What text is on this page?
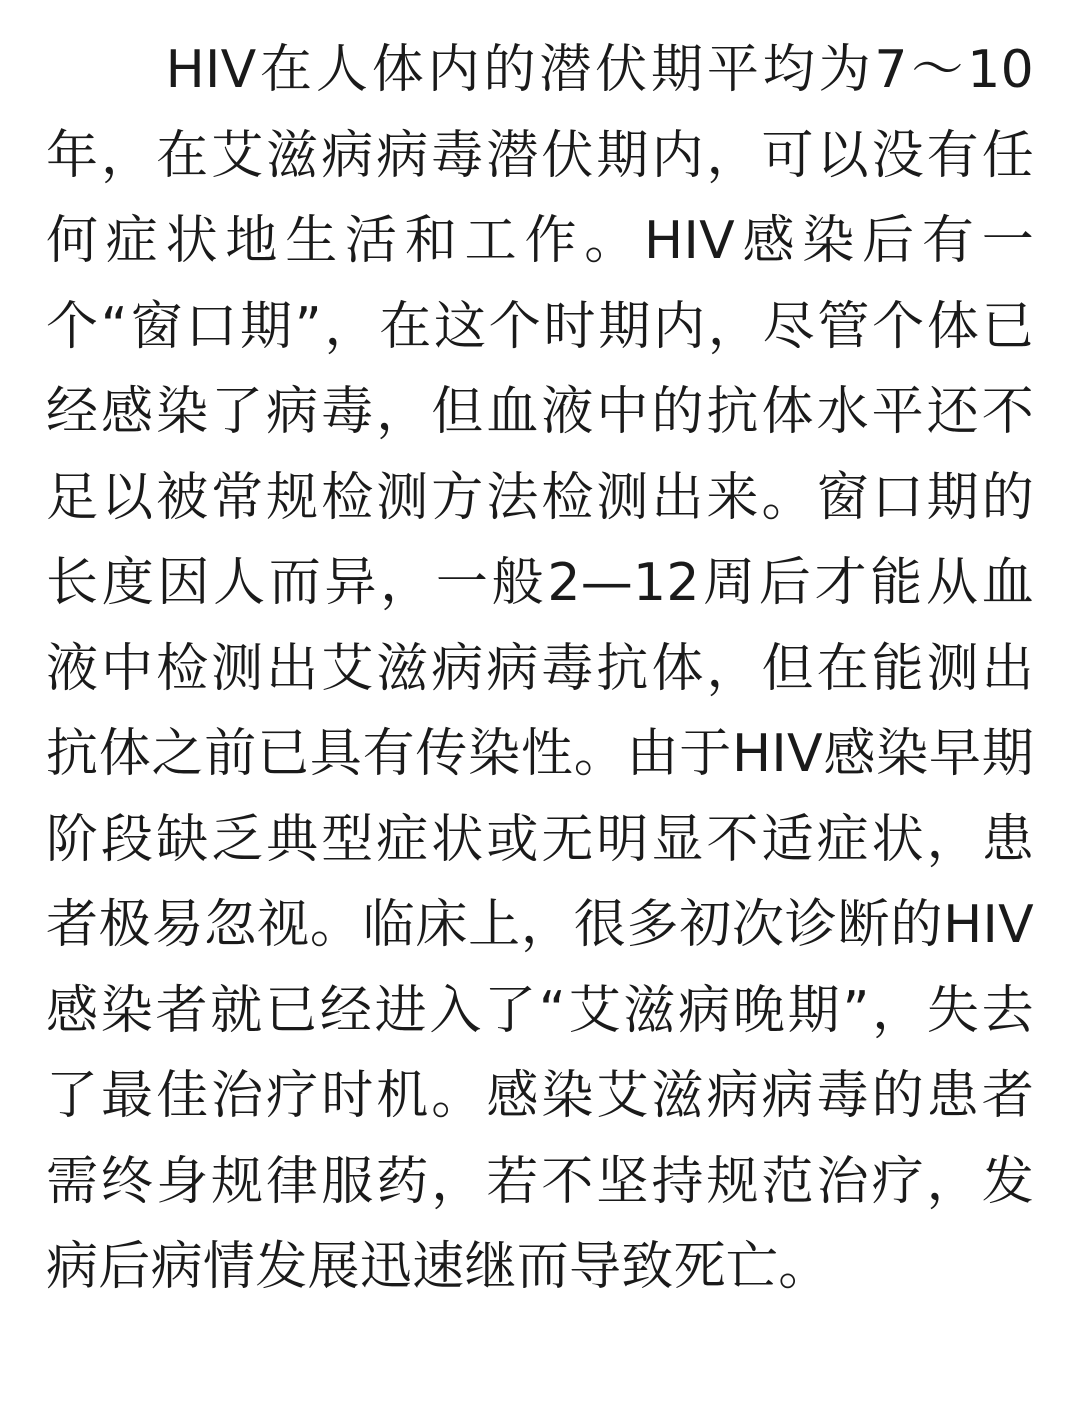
HIV在人体内的潜伏期平均为7～10年，在艾滋病病毒潜伏期内，可以没有任何症状地生活和工作。HIV感染后有一个“窗口期”，在这个时期内，尽管个体已经感染了病毒，但血液中的抗体水平还不足以被常规检测方法检测出来。窗口期的长度因人而异，一般2—12周后才能从血液中检测出艾滋病病毒抗体，但在能测出抗体之前已具有传染性。由于HIV感染早期阶段缺乏典型症状或无明显不适症状，患者极易忽视。临床上，很多初次诊断的HIV感染者就已经进入了“艾滋病晚期”，失去了最佳治疗时机。感染艾滋病病毒的患者需终身规律服药，若不坚持规范治疗，发病后病情发展迅速继而导致死亡。
